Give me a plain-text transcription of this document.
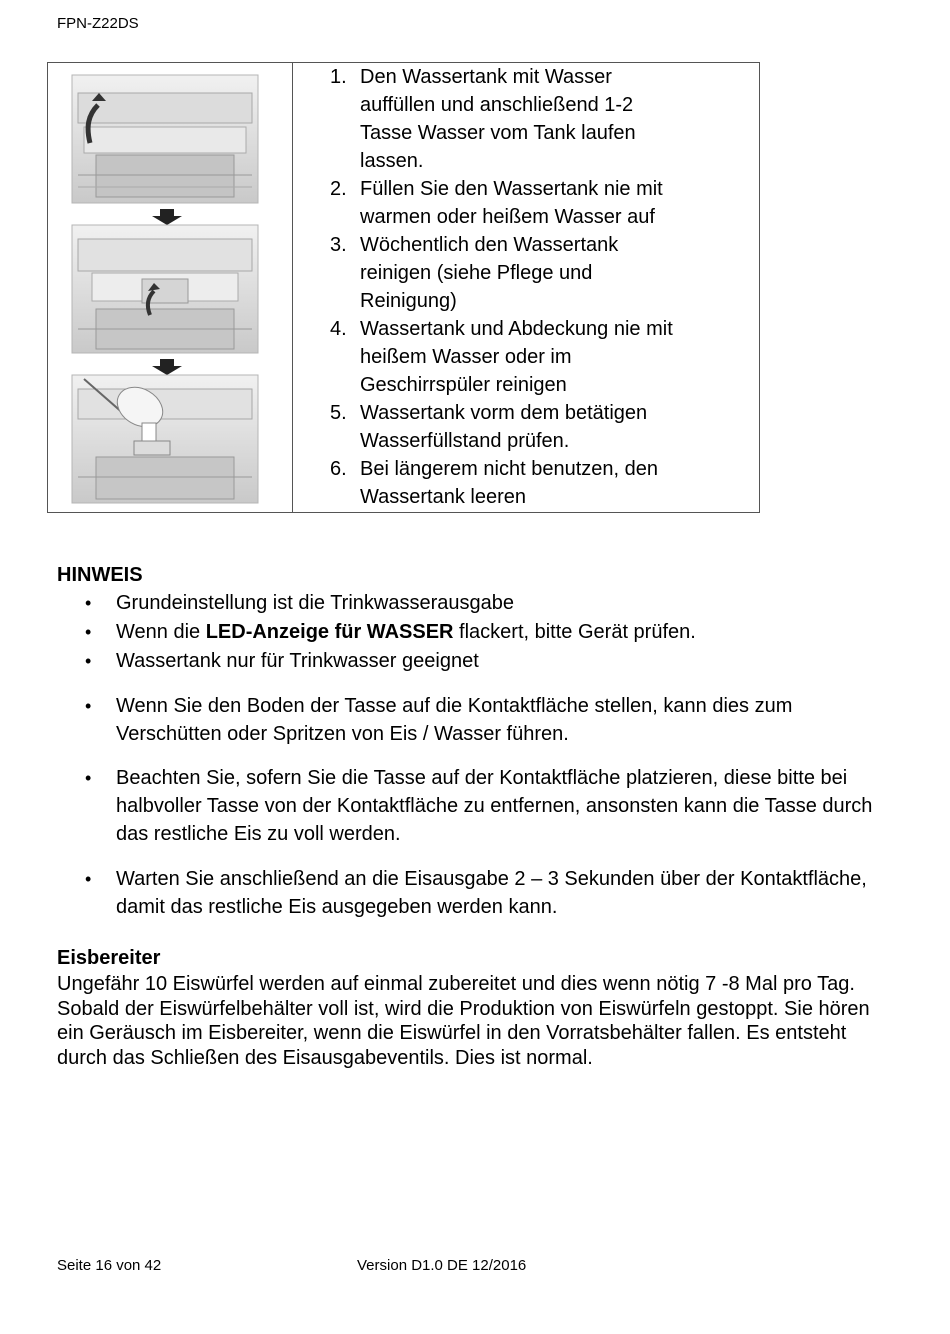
FPN-Z22DS
1. Den Wassertank mit Wasser auffüllen und anschließend 1-2 Tasse Wasser vom Tank laufen lassen.
2. Füllen Sie den Wassertank nie mit warmen oder heißem Wasser auf
3. Wöchentlich den Wassertank reinigen (siehe Pflege und Reinigung)
4. Wassertank und Abdeckung nie mit heißem Wasser oder im Geschirrspüler reinigen
5. Wassertank vorm dem betätigen Wasserfüllstand prüfen.
6. Bei längerem nicht benutzen, den Wassertank leeren
HINWEIS
• Grundeinstellung ist die Trinkwasserausgabe
• Wenn die LED-Anzeige für WASSER flackert, bitte Gerät prüfen.
• Wassertank nur für Trinkwasser geeignet
• Wenn Sie den Boden der Tasse auf die Kontaktfläche stellen, kann dies zum Verschütten oder Spritzen von Eis / Wasser führen.
• Beachten Sie, sofern Sie die Tasse auf der Kontaktfläche platzieren, diese bitte bei halbvoller Tasse von der Kontaktfläche zu entfernen, ansonsten kann die Tasse durch das restliche Eis zu voll werden.
• Warten Sie anschließend an die Eisausgabe 2 – 3 Sekunden über der Kontaktfläche, damit das restliche Eis ausgegeben werden kann.
Eisbereiter
Ungefähr 10 Eiswürfel werden auf einmal zubereitet und dies wenn nötig 7 -8 Mal pro Tag. Sobald der Eiswürfelbehälter voll ist, wird die Produktion von Eiswürfeln gestoppt. Sie hören ein Geräusch im Eisbereiter, wenn die Eiswürfel in den Vorratsbehälter fallen. Es entsteht durch das Schließen des Eisausgabeventils. Dies ist normal.
Seite 16 von 42	Version D1.0 DE 12/2016
